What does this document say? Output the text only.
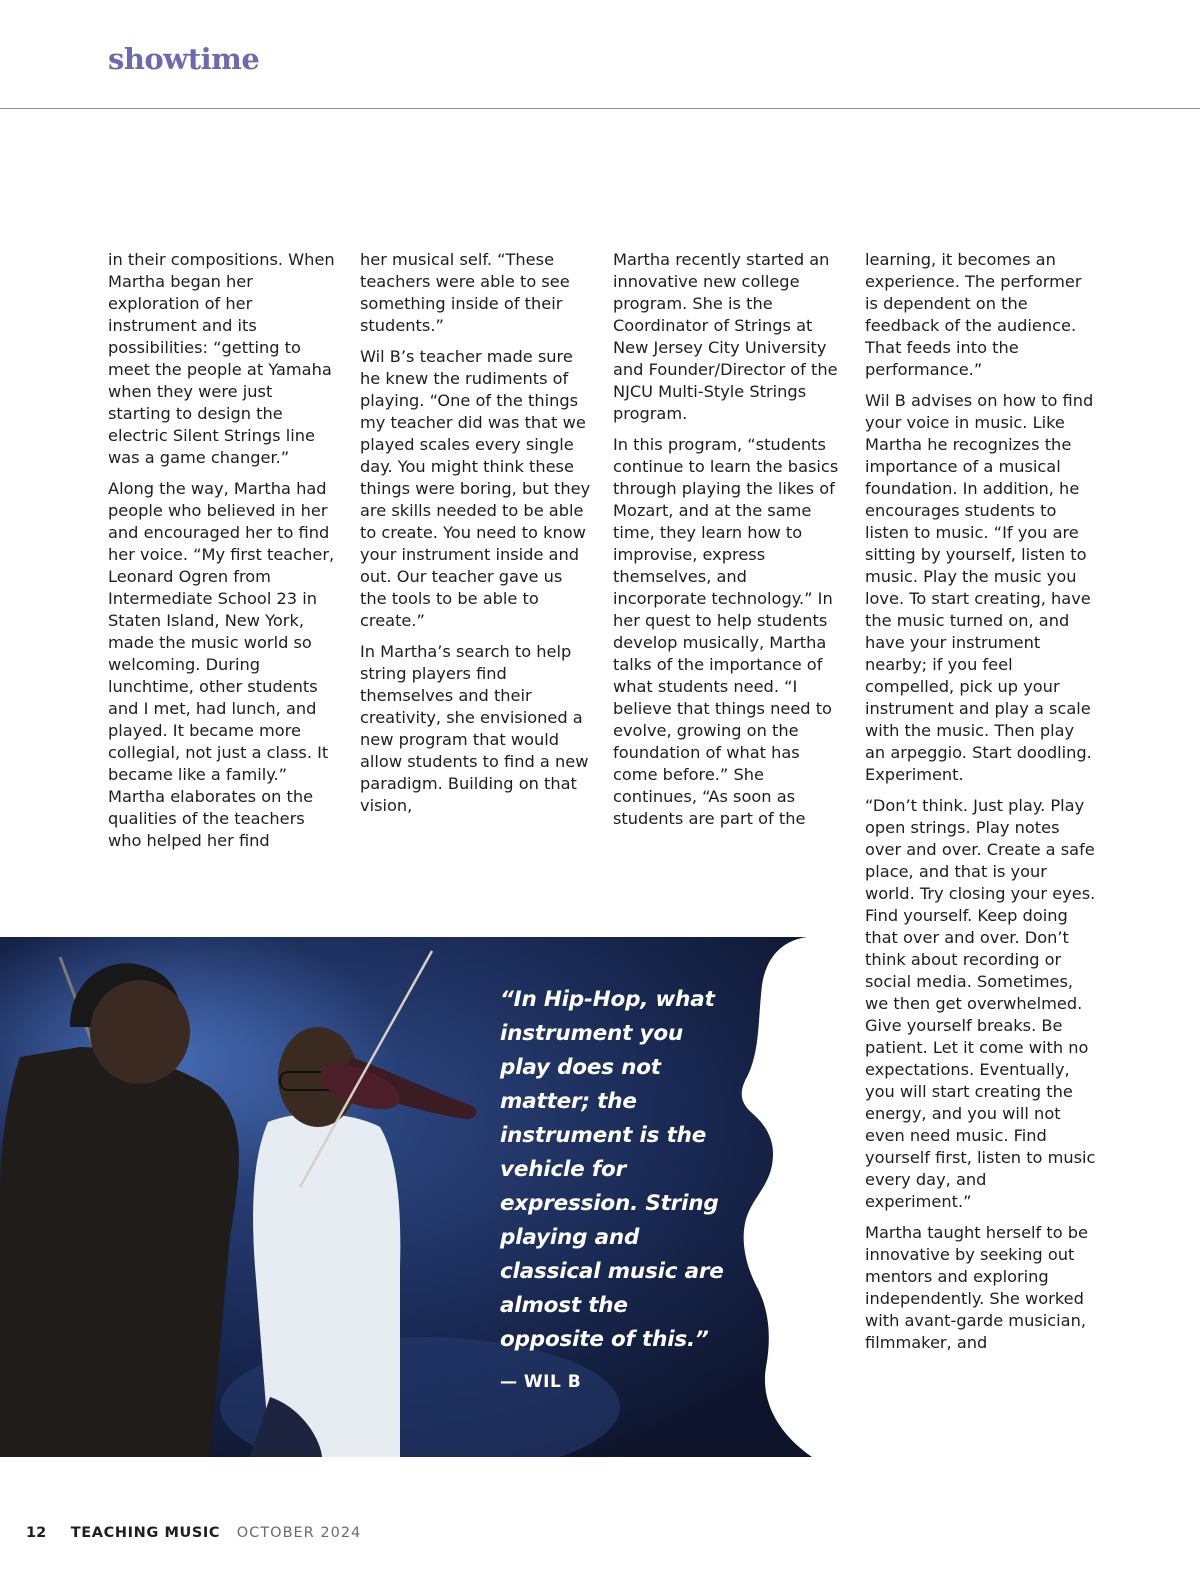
showtime

in their compositions. When Martha began her exploration of her instrument and its possibilities: “getting to meet the people at Yamaha when they were just starting to design the electric Silent Strings line was a game changer.”

Along the way, Martha had people who believed in her and encouraged her to find her voice. “My first teacher, Leonard Ogren from Intermediate School 23 in Staten Island, New York, made the music world so welcoming. During lunchtime, other students and I met, had lunch, and played. It became more collegial, not just a class. It became like a family.” Martha elaborates on the qualities of the teachers who helped her find

her musical self. “These teachers were able to see something inside of their students.”

Wil B’s teacher made sure he knew the rudiments of playing. “One of the things my teacher did was that we played scales every single day. You might think these things were boring, but they are skills needed to be able to create. You need to know your instrument inside and out. Our teacher gave us the tools to be able to create.”

In Martha’s search to help string players find themselves and their creativity, she envisioned a new program that would allow students to find a new paradigm. Building on that vision,

Martha recently started an innovative new college program. She is the Coordinator of Strings at New Jersey City University and Founder/Director of the NJCU Multi-Style Strings program.

In this program, “students continue to learn the basics through playing the likes of Mozart, and at the same time, they learn how to improvise, express themselves, and incorporate technology.” In her quest to help students develop musically, Martha talks of the importance of what students need. “I believe that things need to evolve, growing on the foundation of what has come before.” She continues, “As soon as students are part of the

learning, it becomes an experience. The performer is dependent on the feedback of the audience. That feeds into the performance.”

Wil B advises on how to find your voice in music. Like Martha he recognizes the importance of a musical foundation. In addition, he encourages students to listen to music. “If you are sitting by yourself, listen to music. Play the music you love. To start creating, have the music turned on, and have your instrument nearby; if you feel compelled, pick up your instrument and play a scale with the music. Then play an arpeggio. Start doodling. Experiment.

“Don’t think. Just play. Play open strings. Play notes over and over. Create a safe place, and that is your world. Try closing your eyes. Find yourself. Keep doing that over and over. Don’t think about recording or social media. Sometimes, we then get overwhelmed. Give yourself breaks. Be patient. Let it come with no expectations. Eventually, you will start creating the energy, and you will not even need music. Find yourself first, listen to music every day, and experiment.”

Martha taught herself to be innovative by seeking out mentors and exploring independently. She worked with avant-garde musician, filmmaker, and

“In Hip-Hop, what instrument you play does not matter; the instrument is the vehicle for expression. String playing and classical music are almost the opposite of this.”
— WIL B
12 TEACHING MUSIC OCTOBER 2024
